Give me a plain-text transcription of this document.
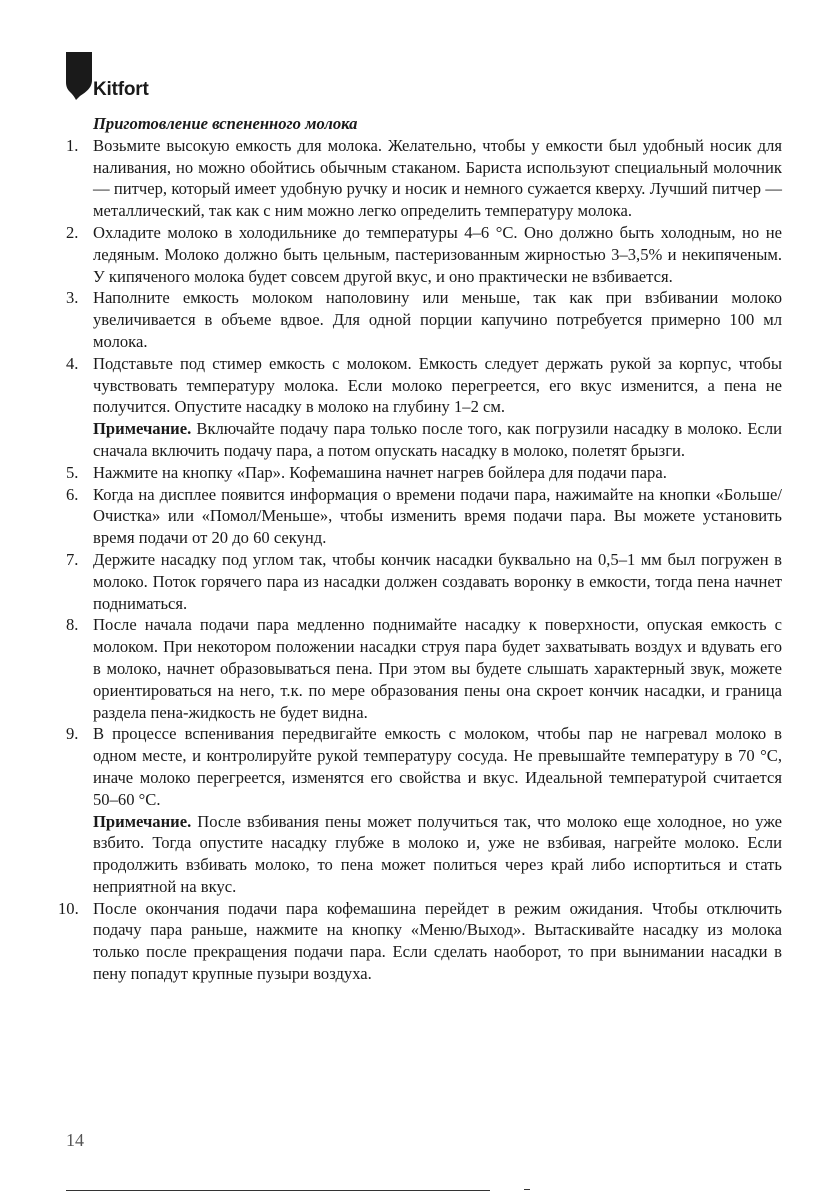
Kitfort
Приготовление вспененного молока
1. Возьмите высокую емкость для молока. Желательно, чтобы у емкости был удобный носик для наливания, но можно обойтись обычным стаканом. Бариста используют специальный молочник — питчер, который имеет удобную ручку и носик и немного сужается кверху. Лучший питчер — металлический, так как с ним можно легко определить температуру молока.
2. Охладите молоко в холодильнике до температуры 4–6 °С. Оно должно быть холодным, но не ледяным. Молоко должно быть цельным, пастеризованным жирностью 3–3,5% и некипяченым. У кипяченого молока будет совсем другой вкус, и оно практически не взбивается.
3. Наполните емкость молоком наполовину или меньше, так как при взбивании молоко увеличивается в объеме вдвое. Для одной порции капучино потребуется примерно 100 мл молока.
4. Подставьте под стимер емкость с молоком. Емкость следует держать рукой за корпус, чтобы чувствовать температуру молока. Если молоко перегреется, его вкус изменится, а пена не получится. Опустите насадку в молоко на глубину 1–2 см.
Примечание. Включайте подачу пара только после того, как погрузили насадку в молоко. Если сначала включить подачу пара, а потом опускать насадку в молоко, полетят брызги.
5. Нажмите на кнопку «Пар». Кофемашина начнет нагрев бойлера для подачи пара.
6. Когда на дисплее появится информация о времени подачи пара, нажимайте на кнопки «Больше/Очистка» или «Помол/Меньше», чтобы изменить время подачи пара. Вы можете установить время подачи от 20 до 60 секунд.
7. Держите насадку под углом так, чтобы кончик насадки буквально на 0,5–1 мм был погружен в молоко. Поток горячего пара из насадки должен создавать воронку в емкости, тогда пена начнет подниматься.
8. После начала подачи пара медленно поднимайте насадку к поверхности, опуская емкость с молоком. При некотором положении насадки струя пара будет захватывать воздух и вдувать его в молоко, начнет образовываться пена. При этом вы будете слышать характерный звук, можете ориентироваться на него, т.к. по мере образования пены она скроет кончик насадки, и граница раздела пена-жидкость не будет видна.
9. В процессе вспенивания передвигайте емкость с молоком, чтобы пар не нагревал молоко в одном месте, и контролируйте рукой температуру сосуда. Не превышайте температуру в 70 °С, иначе молоко перегреется, изменятся его свойства и вкус. Идеальной температурой считается 50–60 °С.
Примечание. После взбивания пены может получиться так, что молоко еще холодное, но уже взбито. Тогда опустите насадку глубже в молоко и, уже не взбивая, нагрейте молоко. Если продолжить взбивать молоко, то пена может политься через край либо испортиться и стать неприятной на вкус.
10. После окончания подачи пара кофемашина перейдет в режим ожидания. Чтобы отключить подачу пара раньше, нажмите на кнопку «Меню/Выход». Вытаскивайте насадку из молока только после прекращения подачи пара. Если сделать наоборот, то при вынимании насадки в пену попадут крупные пузыри воздуха.
14
